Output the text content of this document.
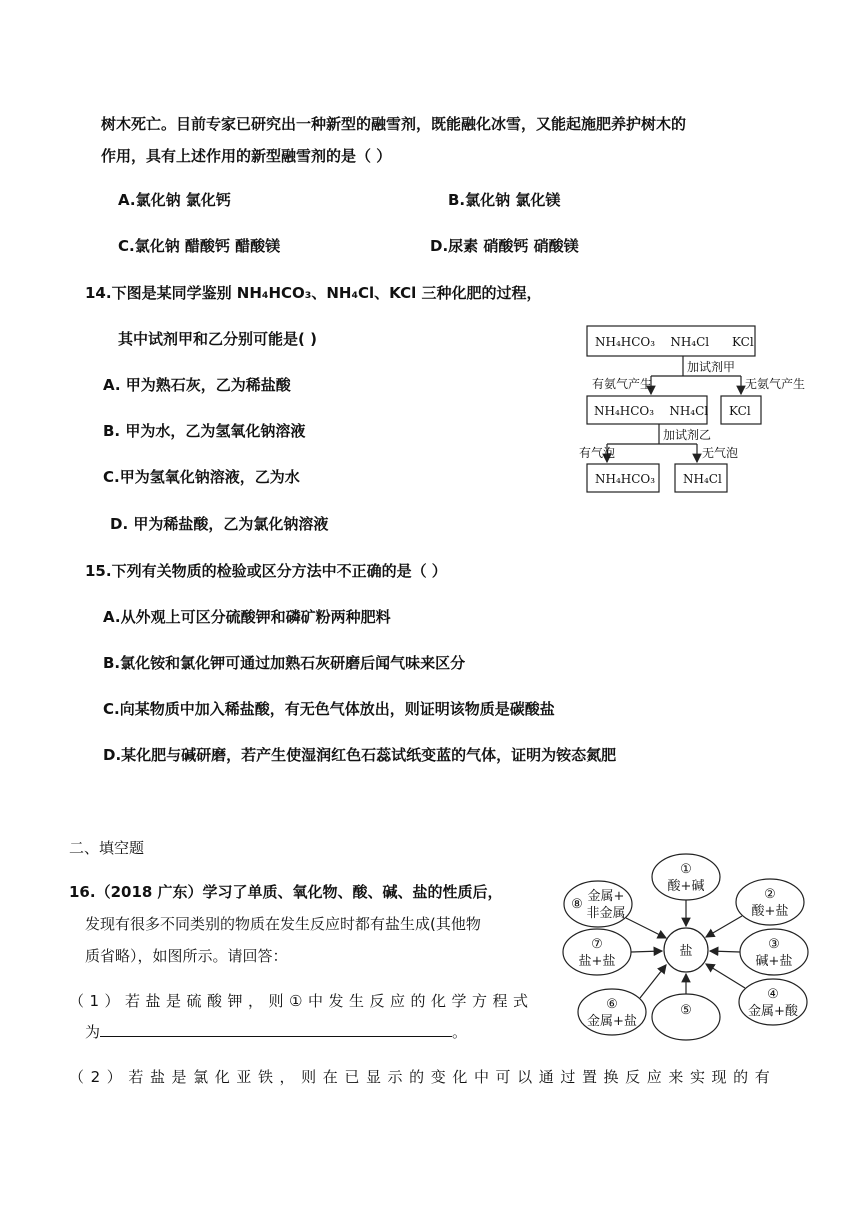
树木死亡。目前专家已研究出一种新型的融雪剂，既能融化冰雪，又能起施肥养护树木的
作用，具有上述作用的新型融雪剂的是（ ）
A.氯化钠 氯化钙	B.氯化钠 氯化镁
C.氯化钠 醋酸钙 醋酸镁	D.尿素 硝酸钙 硝酸镁
14.下图是某同学鉴别 NH₄HCO₃、NH₄Cl、KCl 三种化肥的过程，
其中试剂甲和乙分别可能是( )
A. 甲为熟石灰，乙为稀盐酸
B. 甲为水，乙为氢氧化钠溶液
C.甲为氢氧化钠溶液，乙为水
D. 甲为稀盐酸，乙为氯化钠溶液
NH₄HCO₃    NH₄Cl      KCl
加试剂甲
有氨气产生	无氨气产生
NH₄HCO₃    NH₄Cl KCl
加试剂乙
有气泡	无气泡
NH₄HCO₃ NH₄Cl
15.下列有关物质的检验或区分方法中不正确的是（ ）
A.从外观上可区分硫酸钾和磷矿粉两种肥料
B.氯化铵和氯化钾可通过加熟石灰研磨后闻气味来区分
C.向某物质中加入稀盐酸，有无色气体放出，则证明该物质是碳酸盐
D.某化肥与碱研磨，若产生使湿润红色石蕊试纸变蓝的气体，证明为铵态氮肥
二、填空题
16.（2018 广东）学习了单质、氧化物、酸、碱、盐的性质后，
发现有很多不同类别的物质在发生反应时都有盐生成(其他物
质省略），如图所示。请回答：
（1）若盐是硫酸钾，则①中发生反应的化学方程式
为	。
（2）若盐是氯化亚铁，则在已显示的变化中可以通过置换反应来实现的有
盐
①
酸+碱
②
酸+盐
③
碱+盐
④
金属+酸
⑤
⑥
金属+盐
⑦
盐+盐
⑧
金属+
非金属
